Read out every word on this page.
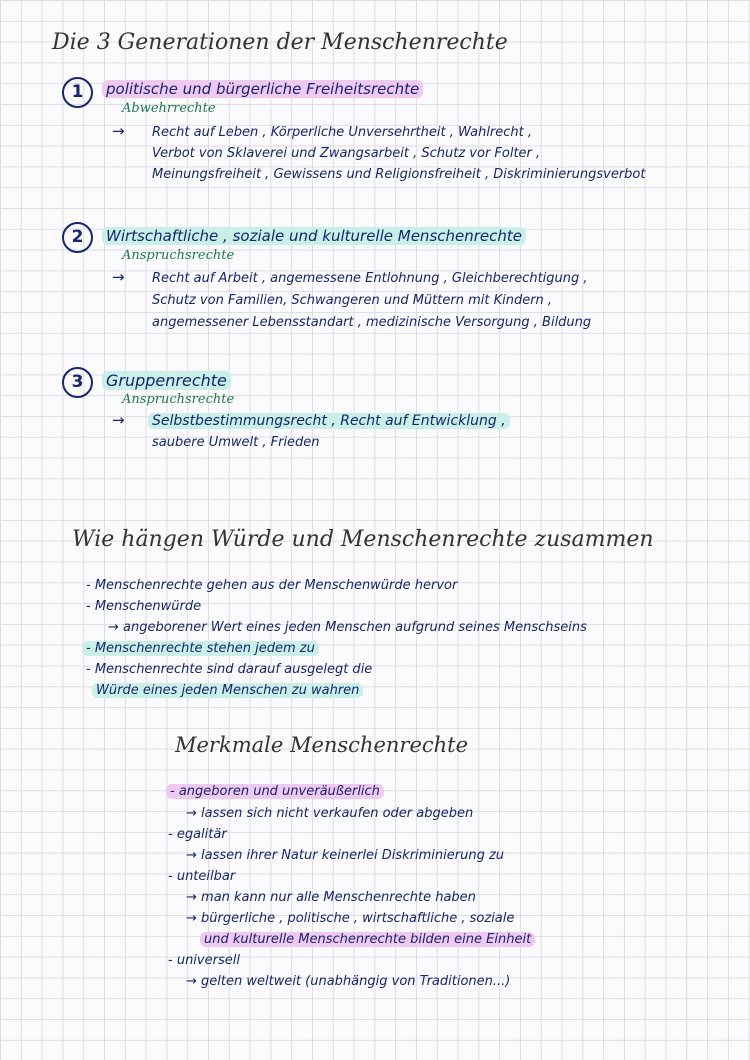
Die 3 Generationen der Menschenrechte
1	politische und bürgerliche Freiheitsrechte
Abwehrrechte
→ Recht auf Leben , Körperliche Unversehrtheit , Wahlrecht ,
Verbot von Sklaverei und Zwangsarbeit , Schutz vor Folter ,
Meinungsfreiheit , Gewissens und Religionsfreiheit , Diskriminierungsverbot
2	Wirtschaftliche , soziale und kulturelle Menschenrechte
Anspruchsrechte
→ Recht auf Arbeit , angemessene Entlohnung , Gleichberechtigung ,
Schutz von Familien, Schwangeren und Müttern mit Kindern ,
angemessener Lebensstandart , medizinische Versorgung , Bildung
3	Gruppenrechte
Anspruchsrechte
→ Selbstbestimmungsrecht , Recht auf Entwicklung ,
saubere Umwelt , Frieden
Wie hängen Würde und Menschenrechte zusammen
- Menschenrechte gehen aus der Menschenwürde hervor
- Menschenwürde
→ angeborener Wert eines jeden Menschen aufgrund seines Menschseins
- Menschenrechte stehen jedem zu
- Menschenrechte sind darauf ausgelegt die
Würde eines jeden Menschen zu wahren
Merkmale Menschenrechte
- angeboren und unveräußerlich
→ lassen sich nicht verkaufen oder abgeben
- egalitär
→ lassen ihrer Natur keinerlei Diskriminierung zu
- unteilbar
→ man kann nur alle Menschenrechte haben
→ bürgerliche , politische , wirtschaftliche , soziale
und kulturelle Menschenrechte bilden eine Einheit
- universell
→ gelten weltweit (unabhängig von Traditionen...)
